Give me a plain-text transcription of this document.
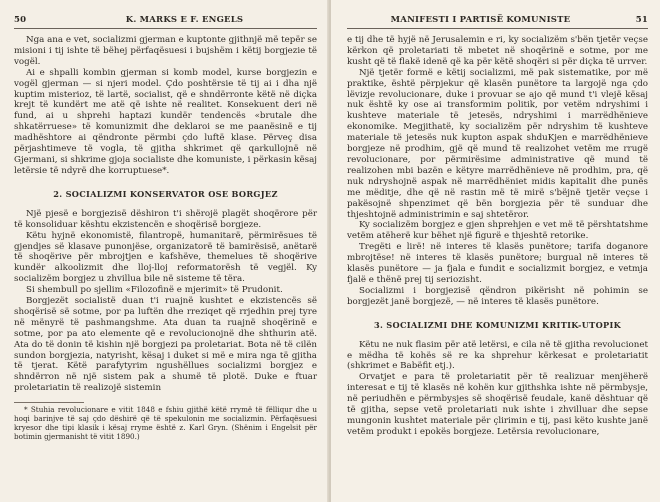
50	K. MARKS E F. ENGELS

Nga ana e vet, socializmi gjerman e kuptonte gjithnjë më tepër se misioni i tij ishte të bëhej përfaqësuesi i bujshëm i këtij borgjezie të vogël.

Ai e shpalli kombin gjerman si komb model, kurse borgjezin e vogël gjerman — si njeri model. Çdo poshtërsie të tij ai i dha një kuptim misterioz, të lartë, socialist, që e shndërronte këtë në diçka krejt të kundërt me atë që ishte në realitet. Konsekuent deri në fund, ai u shprehi haptazi kundër tendencës «brutale dhe shkatërruese» të komunizmit dhe deklaroi se me paanësinë e tij madhështore ai qëndronte përmbi çdo luftë klase. Përveç disa përjashtimeve të vogla, të gjitha shkrimet që qarkullojnë në Gjermani, si shkrime gjoja socialiste dhe komuniste, i përkasin kësaj letërsie të ndyrë dhe korruptuese*.

2. SOCIALIZMI KONSERVATOR OSE BORGJEZ

Një pjesë e borgjezisë dëshiron t'i shërojë plagët shoqërore për të konsoliduar kështu ekzistencën e shoqërisë borgjeze.

Këtu hyjnë ekonomistë, filantropë, humanitarë, përmirësues të gjendjes së klasave punonjëse, organizatorë të bamirësisë, anëtarë të shoqërive për mbrojtjen e kafshëve, themelues të shoqërive kundër alkoolizmit dhe lloj-lloj reformatorësh të vegjël. Ky socializëm borgjez u zhvillua bile në sisteme të tëra.

Si shembull po sjellim «Filozofinë e mjerimit» të Prudonit.

Borgjezët socialistë duan t'i ruajnë kushtet e ekzistencës së shoqërisë së sotme, por pa luftën dhe rreziqet që rrjedhin prej tyre në mënyrë të pashmangshme. Ata duan ta ruajnë shoqërinë e sotme, por pa ato elemente që e revolucionojnë dhe shthurin atë. Ata do të donin të kishin një borgjezi pa proletariat. Bota në të cilën sundon borgjezia, natyrisht, kësaj i duket si më e mira nga të gjitha të tjerat. Këtë parafytyrim ngushëllues socializmi borgjez e shndërron në një sistem pak a shumë të plotë. Duke e ftuar proletariatin të realizojë sistemin

* Stuhia revolucionare e vitit 1848 e fshiu gjithë këtë rrymë të fëlliqur dhe u hoqi barinjve të saj çdo dëshirë që të spekulonin me socializmin. Përfaqësuesi kryesor dhe tipi klasik i kësaj rryme është z. Karl Gryn. (Shënim i Engelsit për botimin gjermanisht të vitit 1890.)

MANIFESTI I PARTISË KOMUNISTE	51

e tij dhe të hyjë në Jerusalemin e ri, ky socializëm s'bën tjetër veçse kërkon që proletariati të mbetet në shoqërinë e sotme, por me kusht që të flakë idenë që ka për këtë shoqëri si për diçka të urrver.

Një tjetër formë e këtij socializmi, më pak sistematike, por më praktike, është përpjekur që klasën punëtore ta largojë nga çdo lëvizje revolucionare, duke i provuar se ajo që mund t'i vlejë kësaj nuk është ky ose ai transformim politik, por vetëm ndryshimi i kushteve materiale të jetesës, ndryshimi i marrëdhënieve ekonomike. Megjithatë, ky socializëm për ndryshim të kushteve materiale të jetesës nuk kupton aspak shduKjen e marrëdhënieve borgjeze në prodhim, gjë që mund të realizohet vetëm me rrugë revolucionare, por përmirësime administrative që mund të realizohen mbi bazën e këtyre marrëdhënieve në prodhim, pra, që nuk ndryshojnë aspak në marrëdhëniet midis kapitalit dhe punës me mëditje, dhe që në rastin më të mirë s'bëjnë tjetër veçse i pakësojnë shpenzimet që bën borgjezia për të sunduar dhe thjeshtojnë administrimin e saj shtetëror.

Ky socializëm borgjez e gjen shprehjen e vet më të përshtatshme vetëm atëherë kur bëhet një figurë e thjeshtë retorike.

Tregëti e lirë! në interes të klasës punëtore; tarifa doganore mbrojtëse! në interes të klasës punëtore; burgual në interes të klasës punëtore — ja fjala e fundit e socializmit borgjez, e vetmja fjalë e thënë prej tij seriozisht.

Socializmi i borgjezisë qëndron pikërisht në pohimin se borgjezët janë borgjezë, — në interes të klasës punëtore.

3. SOCIALIZMI DHE KOMUNIZMI KRITIK-UTOPIK

Këtu ne nuk flasim për atë letërsi, e cila në të gjitha revolucionet e mëdha të kohës së re ka shprehur kërkesat e proletariatit (shkrimet e Babëfit etj.).

Orvatjet e para të proletariatit për të realizuar menjëherë interesat e tij të klasës në kohën kur gjithshka ishte në përmbysje, në periudhën e përmbysjes së shoqërisë feudale, kanë dështuar që të gjitha, sepse vetë proletariati nuk ishte i zhvilluar dhe sepse mungonin kushtet materiale për çlirimin e tij, pasi këto kushte janë vetëm produkt i epokës borgjeze. Letërsia revolucionare,
